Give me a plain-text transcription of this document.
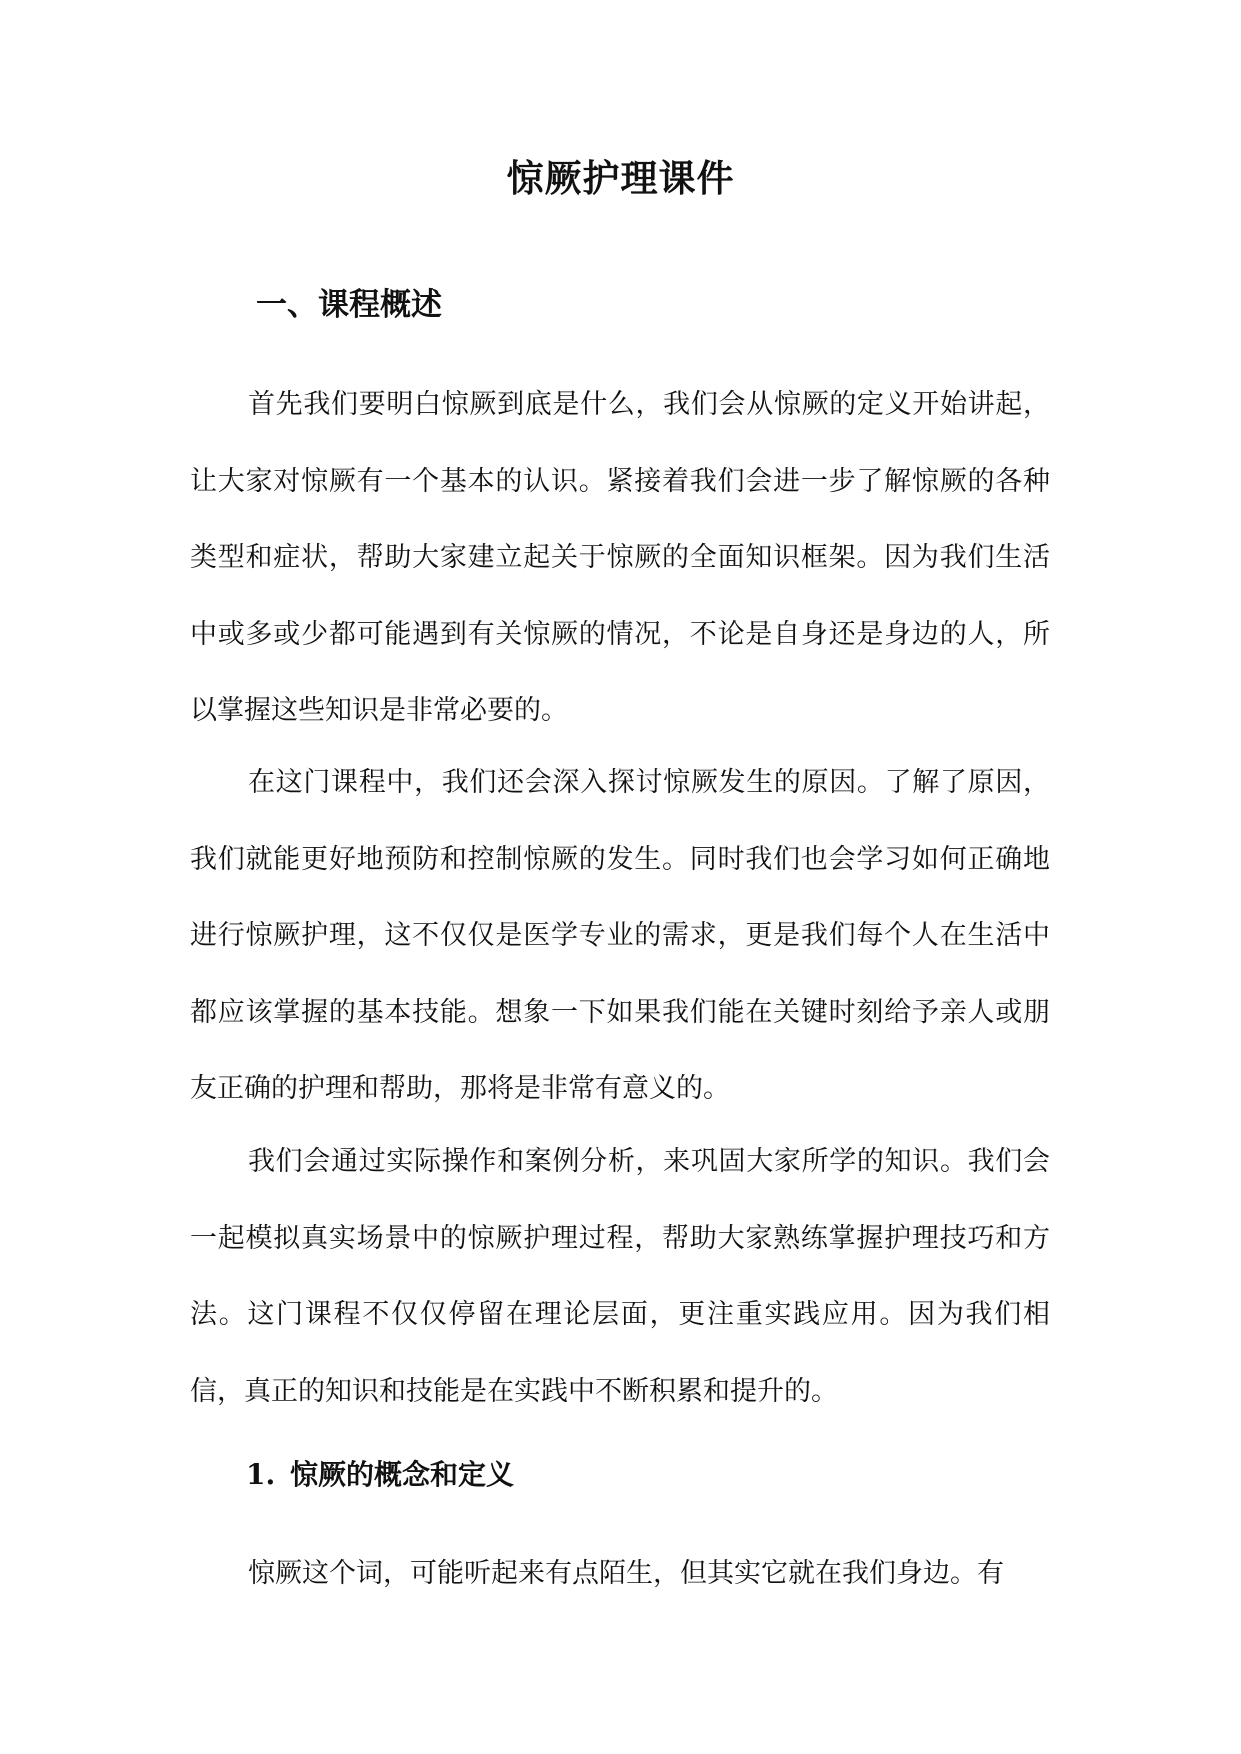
惊厥护理课件
一、课程概述

首先我们要明白惊厥到底是什么，我们会从惊厥的定义开始讲起，让大家对惊厥有一个基本的认识。紧接着我们会进一步了解惊厥的各种类型和症状，帮助大家建立起关于惊厥的全面知识框架。因为我们生活中或多或少都可能遇到有关惊厥的情况，不论是自身还是身边的人，所以掌握这些知识是非常必要的。

在这门课程中，我们还会深入探讨惊厥发生的原因。了解了原因，我们就能更好地预防和控制惊厥的发生。同时我们也会学习如何正确地进行惊厥护理，这不仅仅是医学专业的需求，更是我们每个人在生活中都应该掌握的基本技能。想象一下如果我们能在关键时刻给予亲人或朋友正确的护理和帮助，那将是非常有意义的。

我们会通过实际操作和案例分析，来巩固大家所学的知识。我们会一起模拟真实场景中的惊厥护理过程，帮助大家熟练掌握护理技巧和方法。这门课程不仅仅停留在理论层面，更注重实践应用。因为我们相信，真正的知识和技能是在实践中不断积累和提升的。

1. 惊厥的概念和定义

惊厥这个词，可能听起来有点陌生，但其实它就在我们身边。有
